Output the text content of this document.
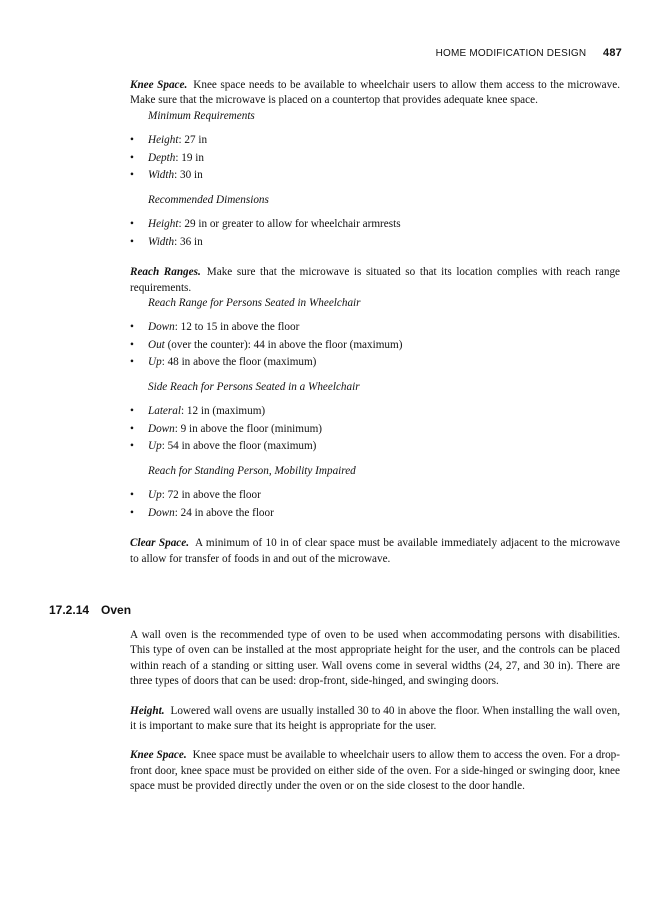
HOME MODIFICATION DESIGN 487

Knee Space. Knee space needs to be available to wheelchair users to allow them access to the microwave. Make sure that the microwave is placed on a countertop that provides adequate knee space.

Minimum Requirements

• Height: 27 in
• Depth: 19 in
• Width: 30 in

Recommended Dimensions

• Height: 29 in or greater to allow for wheelchair armrests
• Width: 36 in

Reach Ranges. Make sure that the microwave is situated so that its location complies with reach range requirements.

Reach Range for Persons Seated in Wheelchair

• Down: 12 to 15 in above the floor
• Out (over the counter): 44 in above the floor (maximum)
• Up: 48 in above the floor (maximum)

Side Reach for Persons Seated in a Wheelchair

• Lateral: 12 in (maximum)
• Down: 9 in above the floor (minimum)
• Up: 54 in above the floor (maximum)

Reach for Standing Person, Mobility Impaired

• Up: 72 in above the floor
• Down: 24 in above the floor

Clear Space. A minimum of 10 in of clear space must be available immediately adjacent to the microwave to allow for transfer of foods in and out of the microwave.

17.2.14 Oven

A wall oven is the recommended type of oven to be used when accommodating persons with disabilities. This type of oven can be installed at the most appropriate height for the user, and the controls can be placed within reach of a standing or sitting user. Wall ovens come in several widths (24, 27, and 30 in). There are three types of doors that can be used: drop-front, side-hinged, and swinging doors.

Height. Lowered wall ovens are usually installed 30 to 40 in above the floor. When installing the wall oven, it is important to make sure that its height is appropriate for the user.

Knee Space. Knee space must be available to wheelchair users to allow them to access the oven. For a drop-front door, knee space must be provided on either side of the oven. For a side-hinged or swinging door, knee space must be provided directly under the oven or on the side closest to the door handle.
